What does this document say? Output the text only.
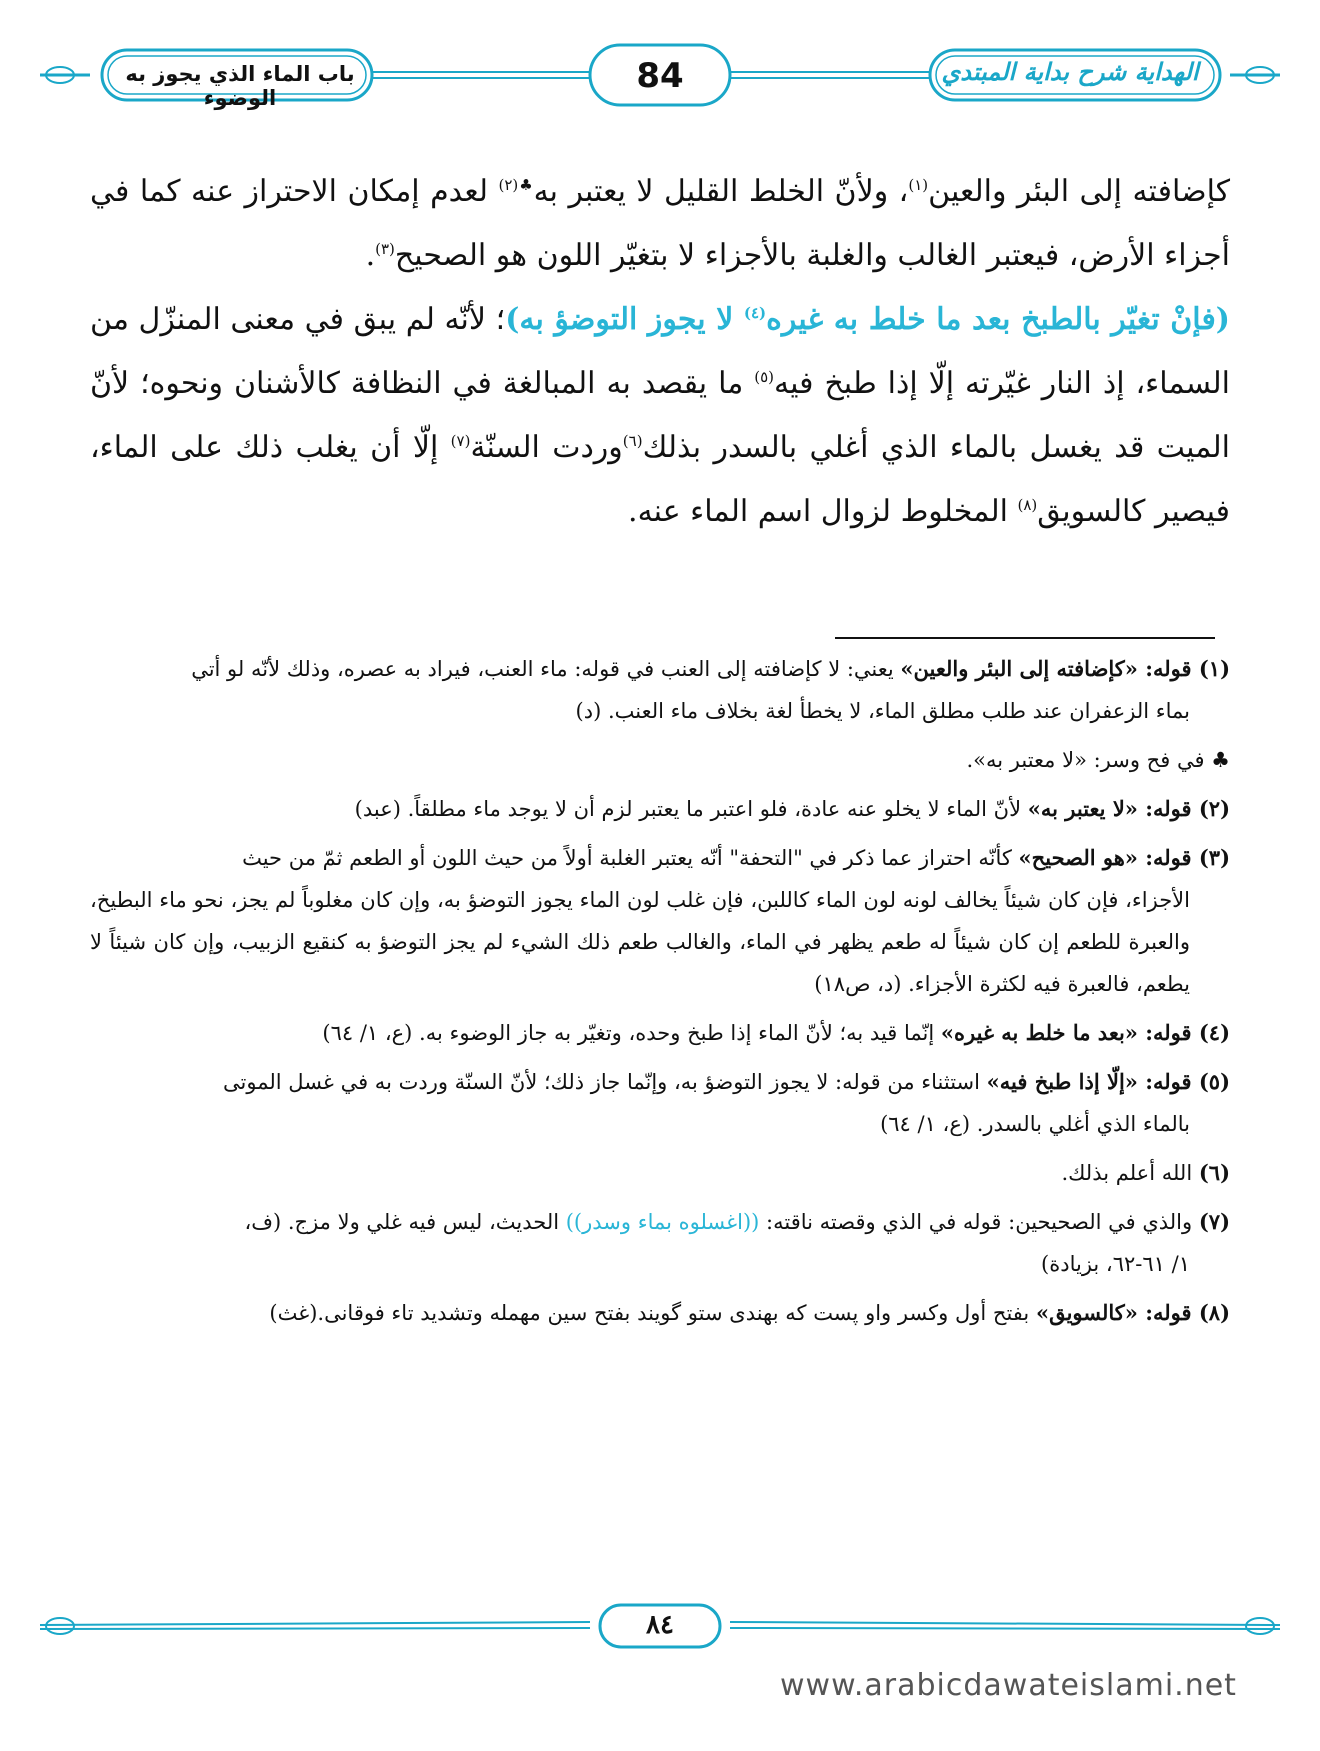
باب الماء الذي يجوز به الوضوء
84	الهداية شرح بداية المبتدي

كإضافته إلى البئر والعين$^{(١)}$، ولأنّ الخلط القليل لا يعتبر به$^{♣(٢)}$ لعدم إمكان الاحتراز عنه كما في أجزاء الأرض، فيعتبر الغالب والغلبة بالأجزاء لا بتغيّر اللون هو الصحيح$^{(٣)}$.

(فإنْ تغيّر بالطبخ بعد ما خلط به غيره$^{(٤)}$ لا يجوز التوضؤ به)؛ لأنّه لم يبق في معنى المنزّل من السماء، إذ النار غيّرته إلّا إذا طبخ فيه$^{(٥)}$ ما يقصد به المبالغة في النظافة كالأشنان ونحوه؛ لأنّ الميت قد يغسل بالماء الذي أغلي بالسدر بذلك$^{(٦)}$وردت السنّة$^{(٧)}$ إلّا أن يغلب ذلك على الماء، فيصير كالسويق$^{(٨)}$ المخلوط لزوال اسم الماء عنه.

(١) قوله: «كإضافته إلى البئر والعين» يعني: لا كإضافته إلى العنب في قوله: ماء العنب، فيراد به عصره، وذلك لأنّه لو أتي
بماء الزعفران عند طلب مطلق الماء، لا يخطأ لغة بخلاف ماء العنب. (د)
♣ في فح وسر: «لا معتبر به».
(٢) قوله: «لا يعتبر به» لأنّ الماء لا يخلو عنه عادة، فلو اعتبر ما يعتبر لزم أن لا يوجد ماء مطلقاً. (عبد)
(٣) قوله: «هو الصحيح» كأنّه احتراز عما ذكر في "التحفة" أنّه يعتبر الغلبة أولاً من حيث اللون أو الطعم ثمّ من حيث
الأجزاء، فإن كان شيئاً يخالف لونه لون الماء كاللبن، فإن غلب لون الماء يجوز التوضؤ به، وإن كان مغلوباً لم يجز، نحو ماء البطيخ، والعبرة للطعم إن كان شيئاً له طعم يظهر في الماء، والغالب طعم ذلك الشيء لم يجز التوضؤ به كنقيع الزبيب، وإن كان شيئاً لا يطعم، فالعبرة فيه لكثرة الأجزاء. (د، ص١٨)
(٤) قوله: «بعد ما خلط به غيره» إنّما قيد به؛ لأنّ الماء إذا طبخ وحده، وتغيّر به جاز الوضوء به. (ع، ١/ ٦٤)
(٥) قوله: «إلّا إذا طبخ فيه» استثناء من قوله: لا يجوز التوضؤ به، وإنّما جاز ذلك؛ لأنّ السنّة وردت به في غسل الموتى
بالماء الذي أغلي بالسدر. (ع، ١/ ٦٤)
(٦) الله أعلم بذلك.
(٧) والذي في الصحيحين: قوله في الذي وقصته ناقته: ((اغسلوه بماء وسدر)) الحديث، ليس فيه غلي ولا مزج. (ف،
١/ ٦١-٦٢، بزيادة)
(٨) قوله: «كالسويق» بفتح أول وكسر واو پست كه بهندى ستو گويند بفتح سين مهمله وتشديد تاء فوقانى.(غث)
٨٤
www.arabicdawateislami.net
